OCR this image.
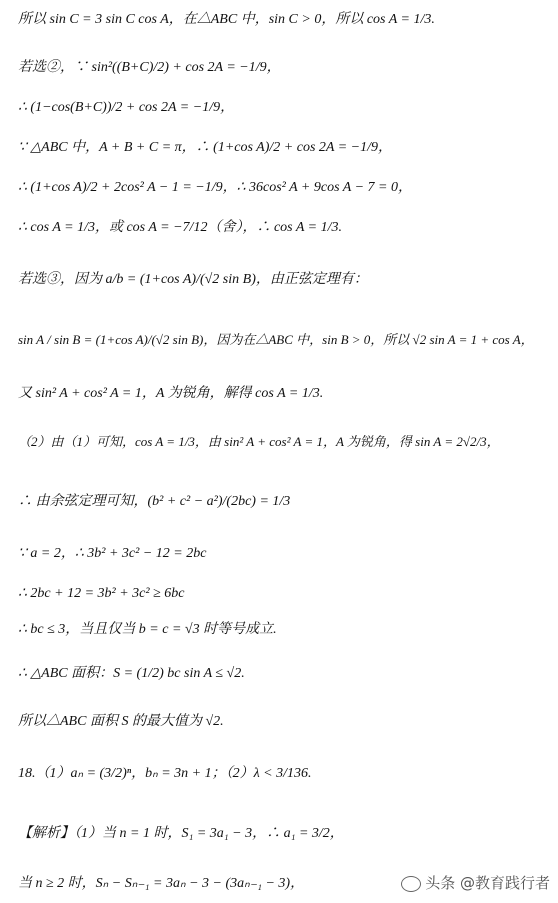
所以 sin C = 3 sin C cos A，在△ABC 中，sin C > 0，所以 cos A = 1/3.
若选②，∵ sin²((B+C)/2) + cos 2A = −1/9，
∴ (1−cos(B+C))/2 + cos 2A = −1/9，
∵ △ABC 中，A + B + C = π，∴ (1+cos A)/2 + cos 2A = −1/9，
∴ (1+cos A)/2 + 2cos² A − 1 = −1/9，∴ 36cos² A + 9cos A − 7 = 0，
∴ cos A = 1/3，或 cos A = −7/12（舍），∴ cos A = 1/3.
若选③，因为 a/b = (1+cos A)/(√2 sin B)，由正弦定理有：
sin A / sin B = (1+cos A)/(√2 sin B)，因为在△ABC 中，sin B > 0，所以 √2 sin A = 1 + cos A，
又 sin² A + cos² A = 1，A 为锐角，解得 cos A = 1/3.
（2）由（1）可知，cos A = 1/3，由 sin² A + cos² A = 1，A 为锐角，得 sin A = 2√2/3，
∴ 由余弦定理可知，(b² + c² − a²)/(2bc) = 1/3
∵ a = 2，∴ 3b² + 3c² − 12 = 2bc
∴ 2bc + 12 = 3b² + 3c² ≥ 6bc
∴ bc ≤ 3，当且仅当 b = c = √3 时等号成立.
∴ △ABC 面积：S = (1/2) bc sin A ≤ √2.
所以△ABC 面积 S 的最大值为 √2.
18.（1）aₙ = (3/2)ⁿ，bₙ = 3n + 1；（2）λ < 3/136.
【解析】（1）当 n = 1 时，S₁ = 3a₁ − 3，∴ a₁ = 3/2，
当 n ≥ 2 时，Sₙ − Sₙ₋₁ = 3aₙ − 3 − (3aₙ₋₁ − 3)，	头条 @教育践行者
